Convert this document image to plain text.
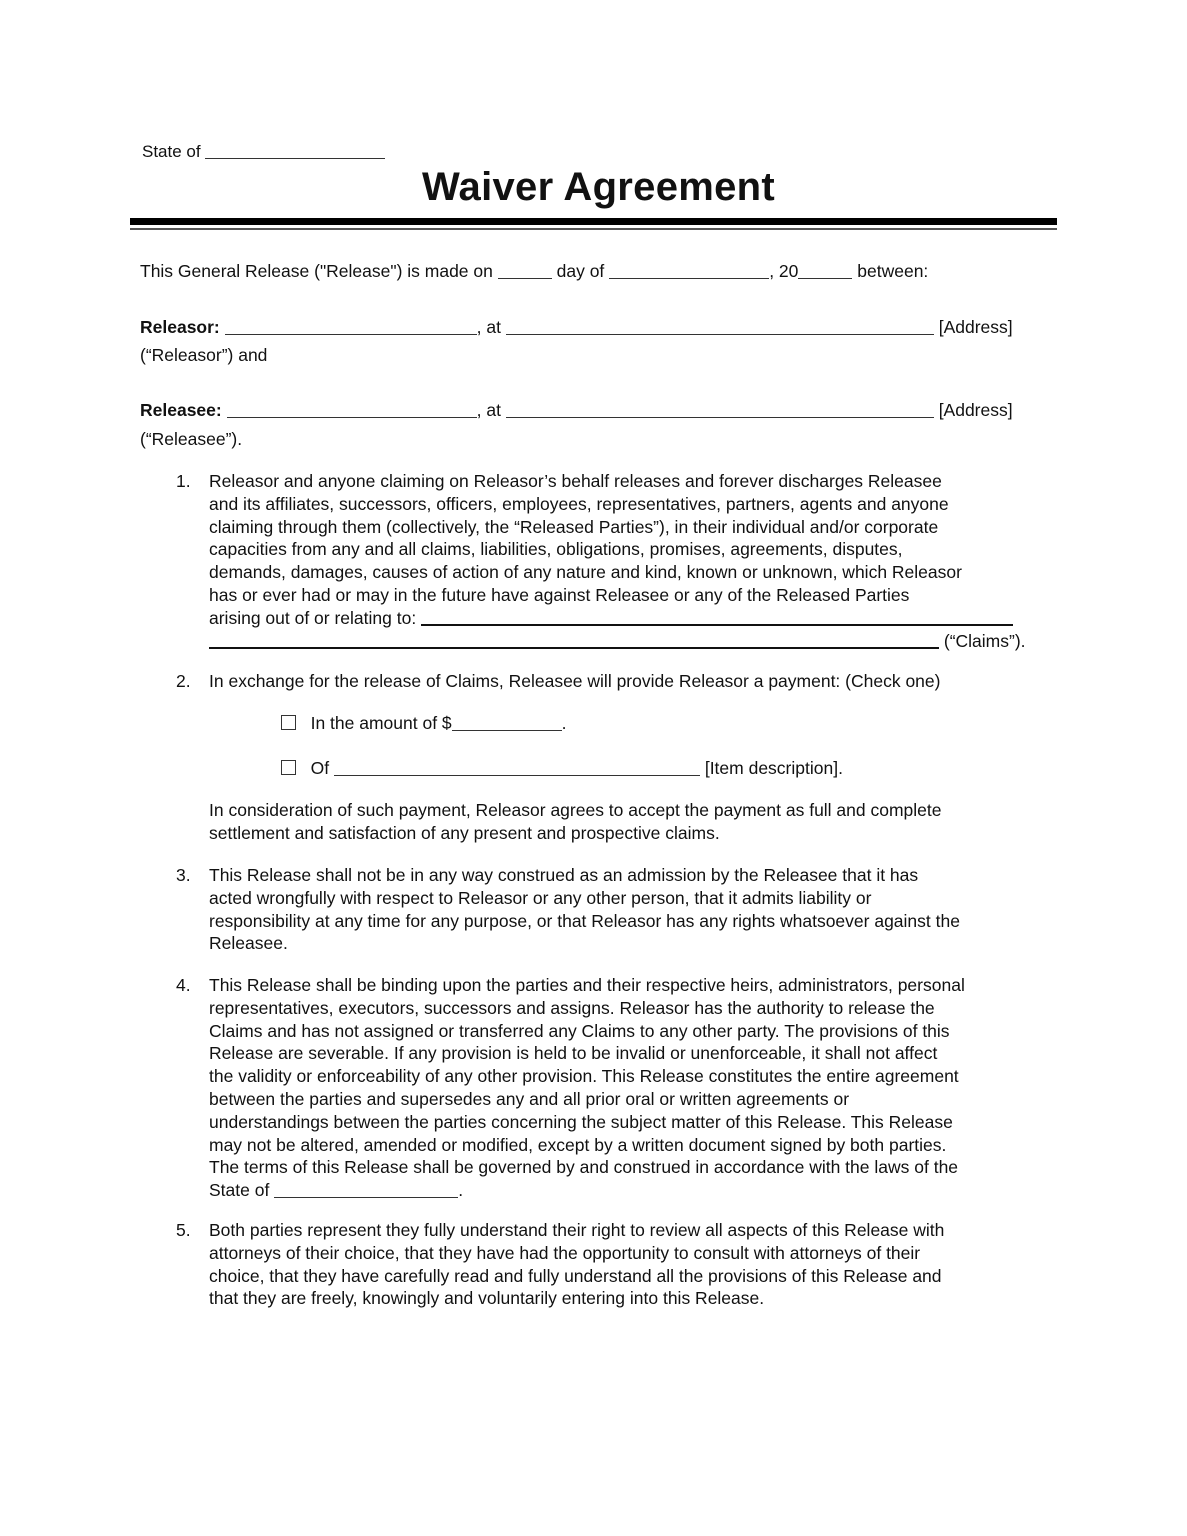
State of
Waiver Agreement
This General Release ("Release") is made on	day of	, 20	between:
Releasor:	, at	[Address]
(“Releasor”) and
Releasee:	, at	[Address]
(“Releasee”).
1. Releasor and anyone claiming on Releasor’s behalf releases and forever discharges Releasee
and its affiliates, successors, officers, employees, representatives, partners, agents and anyone
claiming through them (collectively, the “Released Parties”), in their individual and/or corporate
capacities from any and all claims, liabilities, obligations, promises, agreements, disputes,
demands, damages, causes of action of any nature and kind, known or unknown, which Releasor
has or ever had or may in the future have against Releasee or any of the Released Parties
arising out of or relating to:
(“Claims”).
2. In exchange for the release of Claims, Releasee will provide Releasor a payment: (Check one)
In the amount of $	.
Of	[Item description].
In consideration of such payment, Releasor agrees to accept the payment as full and complete
settlement and satisfaction of any present and prospective claims.
3. This Release shall not be in any way construed as an admission by the Releasee that it has
acted wrongfully with respect to Releasor or any other person, that it admits liability or
responsibility at any time for any purpose, or that Releasor has any rights whatsoever against the
Releasee.
4. This Release shall be binding upon the parties and their respective heirs, administrators, personal
representatives, executors, successors and assigns. Releasor has the authority to release the
Claims and has not assigned or transferred any Claims to any other party. The provisions of this
Release are severable. If any provision is held to be invalid or unenforceable, it shall not affect
the validity or enforceability of any other provision. This Release constitutes the entire agreement
between the parties and supersedes any and all prior oral or written agreements or
understandings between the parties concerning the subject matter of this Release. This Release
may not be altered, amended or modified, except by a written document signed by both parties.
The terms of this Release shall be governed by and construed in accordance with the laws of the
State of	.
5. Both parties represent they fully understand their right to review all aspects of this Release with
attorneys of their choice, that they have had the opportunity to consult with attorneys of their
choice, that they have carefully read and fully understand all the provisions of this Release and
that they are freely, knowingly and voluntarily entering into this Release.
